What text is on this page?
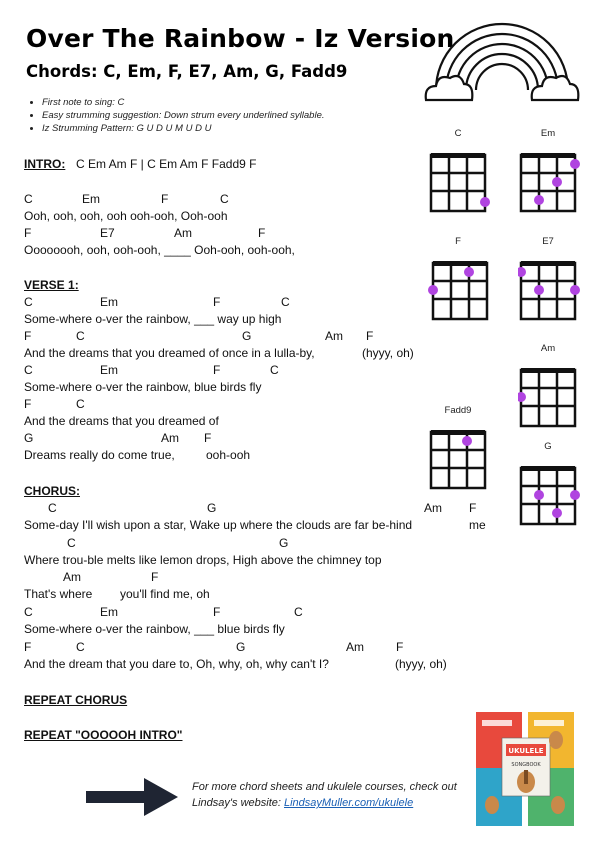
Over The Rainbow - Iz Version
Chords: C, Em, F, E7, Am, G, Fadd9
First note to sing: C
Easy strumming suggestion: Down strum every underlined syllable.
Iz Strumming Pattern: G U D U M U D U
INTRO: C Em Am F | C Em Am F Fadd9 F
C	Em	F	C
Ooh, ooh, ooh, ooh ooh-ooh, Ooh-ooh
F	E7	Am	F
Oooooooh, ooh, ooh-ooh, ____ Ooh-ooh, ooh-ooh,
VERSE 1:
C	Em	F	C
Some-where o-ver the rainbow, ___ way up high
F	C	G	Am F
And the dreams that you dreamed of once in a lulla-by,	(hyyy, oh)
C	Em	F	C
Some-where o-ver the rainbow, blue birds fly
F	C
And the dreams that you dreamed of
G	Am F
Dreams really do come true,	ooh-ooh
CHORUS:
C	G	Am F
Some-day I'll wish upon a star, Wake up where the clouds are far be-hind	me
C	G
Where trou-ble melts like lemon drops, High above the chimney top
Am	F
That's where you'll find me, oh
C	Em	F	C
Some-where o-ver the rainbow, ___ blue birds fly
F	C	G	Am	F
And the dream that you dare to, Oh, why, oh, why can't I?	(hyyy, oh)
REPEAT CHORUS
REPEAT "OOOOOH INTRO"
C	Em
F	E7
Am
Fadd9
G
UKULELE
SONGBOOK
For more chord sheets and ukulele courses, check out Lindsay's website: LindsayMuller.com/ukulele
